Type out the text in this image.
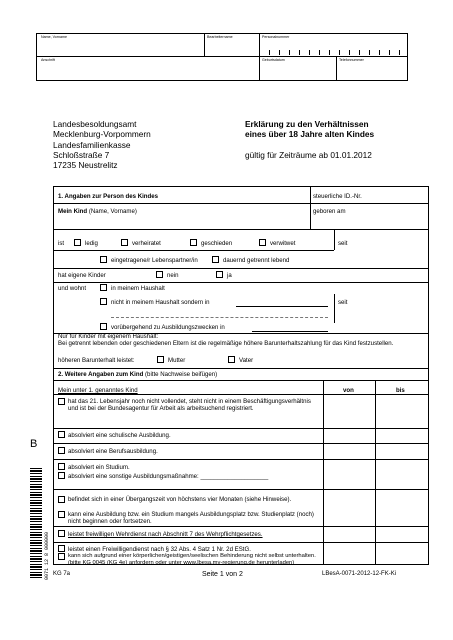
Name, Vorname	Bearbeitername	Personalnummer
Anschrift	Geburtsdatum	Telefonnummer
Landesbesoldungsamt
Mecklenburg-Vorpommern
Landesfamilienkasse
Schloßstraße 7
17235 Neustrelitz
Erklärung zu den Verhältnissen
eines über 18 Jahre alten Kindes
gültig für Zeiträume ab 01.01.2012
B
0071 12 8 000000
1. Angaben zur Person des Kindes	steuerliche ID.-Nr.
Mein Kind (Name, Vorname)	geboren am
ist	ledig	verheiratet	geschieden	verwitwet	seit
eingetragene/r Lebenspartner/in	dauernd getrennt lebend
hat eigene Kinder	nein	ja
und wohnt	in meinem Haushalt
nicht in meinem Haushalt sondern in	seit
vorübergehend zu Ausbildungszwecken in
Nur für Kinder mit eigenem Haushalt:
Bei getrennt lebenden oder geschiedenen Eltern ist die regelmäßige höhere Barunterhaltszahlung für das Kind festzustellen.
höheren Barunterhalt leistet:	Mutter	Vater
2. Weitere Angaben zum Kind (bitte Nachweise beifügen)
Mein unter 1. genanntes Kind	von	bis
hat das 21. Lebensjahr noch nicht vollendet, steht nicht in einem Beschäftigungsverhältnis und ist bei der Bundesagentur für Arbeit als arbeitsuchend registriert.
absolviert eine schulische Ausbildung.
absolviert eine Berufsausbildung.
absolviert ein Studium.
absolviert eine sonstige Ausbildungsmaßnahme: ____________________
befindet sich in einer Übergangszeit von höchstens vier Monaten (siehe Hinweise).
kann eine Ausbildung bzw. ein Studium mangels Ausbildungsplatz bzw. Studienplatz (noch) nicht beginnen oder fortsetzen.
leistet freiwilligen Wehrdienst nach Abschnitt 7 des Wehrpflichtgesetzes.
leistet einen Freiwilligendienst nach § 32 Abs. 4 Satz 1 Nr. 2d EStG.
kann sich aufgrund einer körperlichen/geistigen/seelischen Behinderung nicht selbst unterhalten. (bitte KG 0045 (KG 4e) anfordern oder unter www.lbesa.mv-regierung.de herunterladen)
KG 7a	Seite 1 von 2	LBesA-0071-2012-12-FK-Ki
